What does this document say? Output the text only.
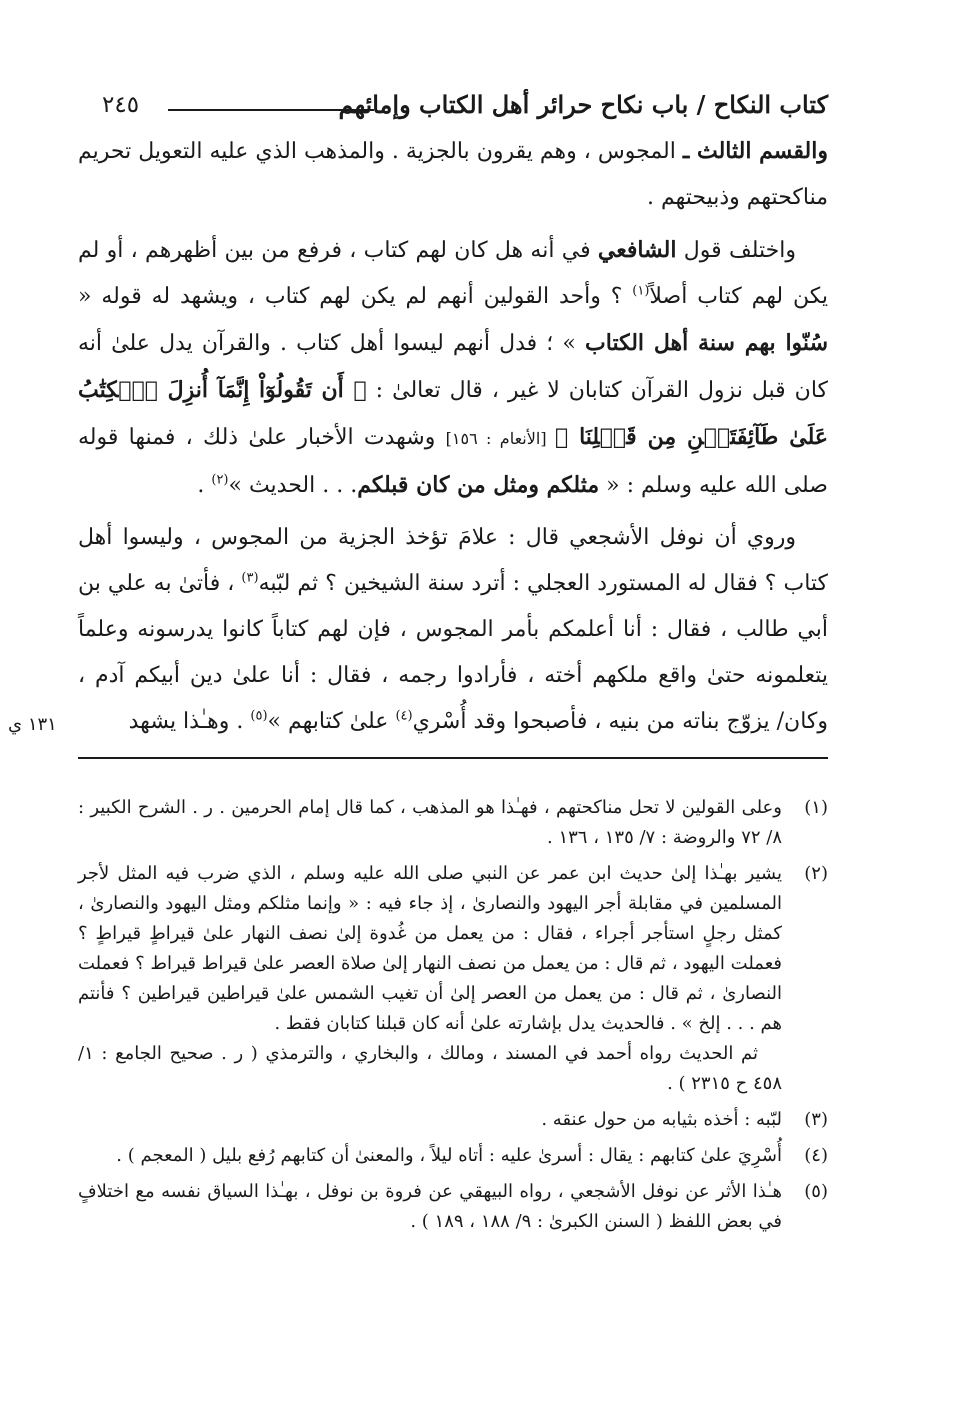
كتاب النكاح / باب نكاح حرائر أهل الكتاب وإمائهم
٢٤٥
١٣١ ي

والقسم الثالث ـ المجوس ، وهم يقرون بالجزية . والمذهب الذي عليه التعويل تحريم مناكحتهم وذبيحتهم .

واختلف قول الشافعي في أنه هل كان لهم كتاب ، فرفع من بين أظهرهم ، أو لم يكن لهم كتاب أصلاً$^{(١)}$ ؟ وأحد القولين أنهم لم يكن لهم كتاب ، ويشهد له قوله « سُنّوا بهم سنة أهل الكتاب » ؛ فدل أنهم ليسوا أهل كتاب . والقرآن يدل علىٰ أنه كان قبل نزول القرآن كتابان لا غير ، قال تعالىٰ : ﴿ أَن تَقُولُوٓاْ إِنَّمَآ أُنزِلَ ٱلۡكِتَٰبُ عَلَىٰ طَآئِفَتَيۡنِ مِن قَبۡلِنَا ﴾ [الأنعام : ١٥٦] وشهدت الأخبار علىٰ ذلك ، فمنها قوله صلى الله عليه وسلم : « مثلكم ومثل من كان قبلكم. . . الحديث »$^{(٢)}$ .

وروي أن نوفل الأشجعي قال : علامَ تؤخذ الجزية من المجوس ، وليسوا أهل كتاب ؟ فقال له المستورد العجلي : أترد سنة الشيخين ؟ ثم لبّبه$^{(٣)}$ ، فأتىٰ به علي بن أبي طالب ، فقال : أنا أعلمكم بأمر المجوس ، فإن لهم كتاباً كانوا يدرسونه وعلماً يتعلمونه حتىٰ واقع ملكهم أخته ، فأرادوا رجمه ، فقال : أنا علىٰ دين أبيكم آدم ، وكان/ يزوّج بناته من بنيه ، فأصبحوا وقد أُسْري$^{(٤)}$ علىٰ كتابهم »$^{(٥)}$ . وهـٰذا يشهد

(١)
وعلى القولين لا تحل مناكحتهم ، فهـٰذا هو المذهب ، كما قال إمام الحرمين . ر . الشرح الكبير : ٨/ ٧٢ والروضة : ٧/ ١٣٥ ، ١٣٦ .
(٢)
يشير بهـٰذا إلىٰ حديث ابن عمر عن النبي صلى الله عليه وسلم ، الذي ضرب فيه المثل لأجر المسلمين في مقابلة أجر اليهود والنصارىٰ ، إذ جاء فيه : « وإنما مثلكم ومثل اليهود والنصارىٰ ، كمثل رجلٍ استأجر أجراء ، فقال : من يعمل من غُدوة إلىٰ نصف النهار علىٰ قيراطٍ قيراطٍ ؟ فعملت اليهود ، ثم قال : من يعمل من نصف النهار إلىٰ صلاة العصر علىٰ قيراط قيراط ؟ فعملت النصارىٰ ، ثم قال : من يعمل من العصر إلىٰ أن تغيب الشمس علىٰ قيراطين قيراطين ؟ فأنتم هم . . . إلخ » . فالحديث يدل بإشارته علىٰ أنه كان قبلنا كتابان فقط .
ثم الحديث رواه أحمد في المسند ، ومالك ، والبخاري ، والترمذي ( ر . صحيح الجامع : ١/ ٤٥٨ ح ٢٣١٥ ) .
(٣)
لبّبه : أخذه بثيابه من حول عنقه .
(٤)
أُسْرِيَ علىٰ كتابهم : يقال : أسرىٰ عليه : أتاه ليلاً ، والمعنىٰ أن كتابهم رُفع بليل ( المعجم ) .
(٥)
هـٰذا الأثر عن نوفل الأشجعي ، رواه البيهقي عن فروة بن نوفل ، بهـٰذا السياق نفسه مع اختلافٍ في بعض اللفظ ( السنن الكبرىٰ : ٩/ ١٨٨ ، ١٨٩ ) .
